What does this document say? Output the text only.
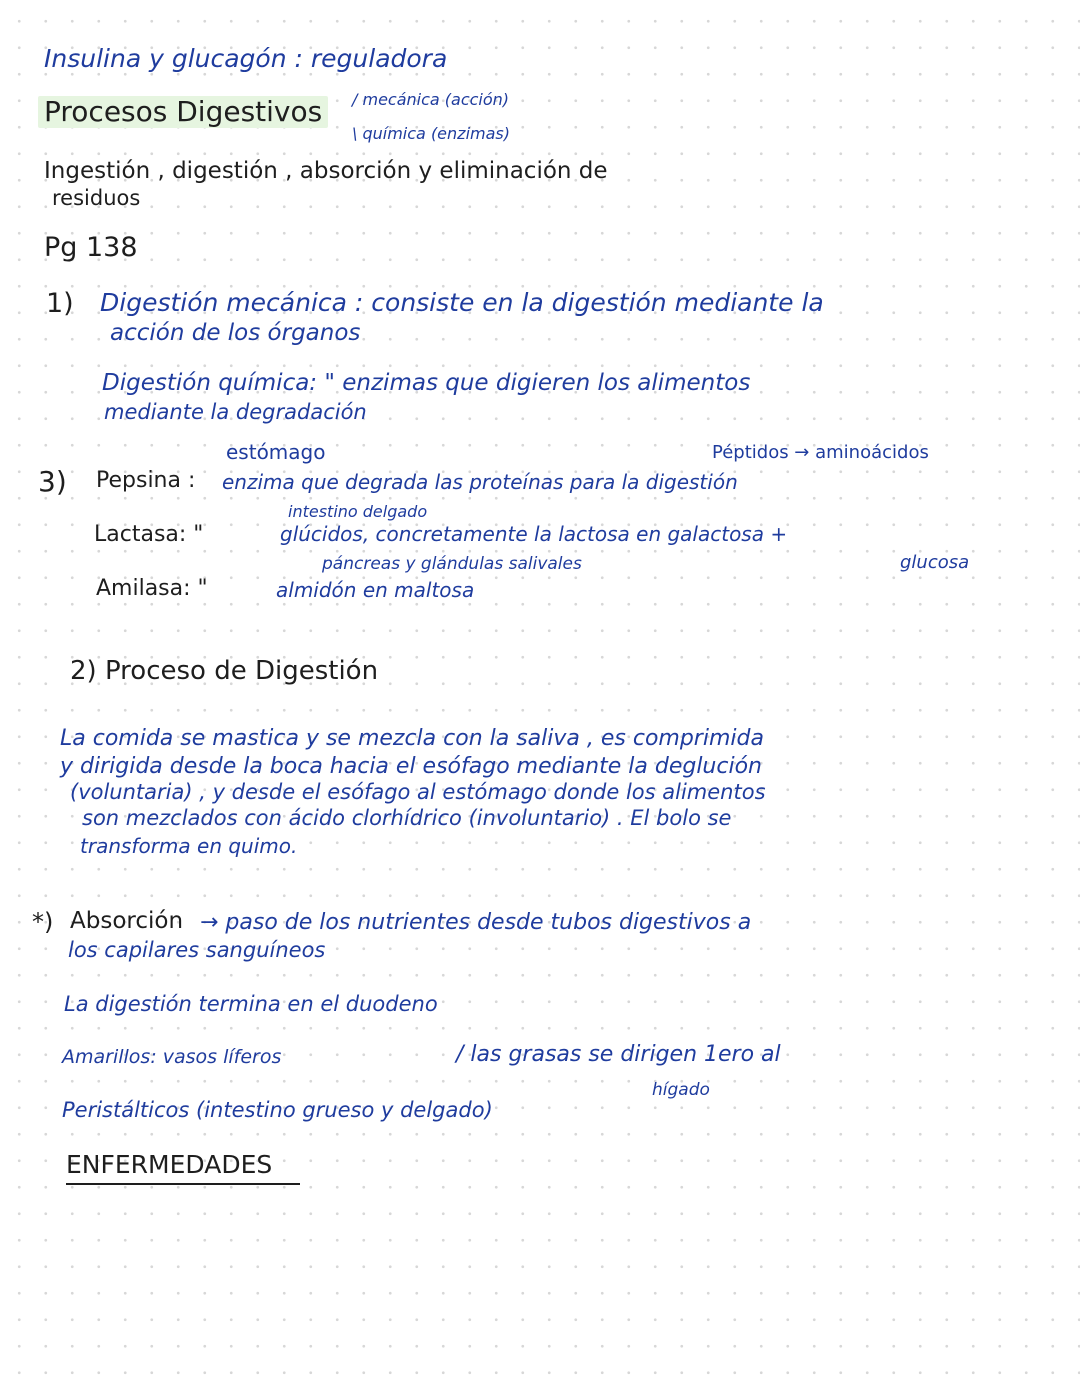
Insulina y glucagón : reguladora
Procesos Digestivos	/ mecánica (acción)
\ química (enzimas)
Ingestión , digestión , absorción y eliminación de
residuos
Pg 138
1) Digestión mecánica : consiste en la digestión mediante la
acción de los órganos
Digestión química: " enzimas que digieren los alimentos
mediante la degradación
estómago	Péptidos → aminoácidos
3) Pepsina : enzima que degrada las proteínas para la digestión
intestino delgado
Lactasa: "	glúcidos, concretamente la lactosa en galactosa +
páncreas y glándulas salivales	glucosa
Amilasa: "	almidón en maltosa
2) Proceso de Digestión
La comida se mastica y se mezcla con la saliva , es comprimida
y dirigida desde la boca hacia el esófago mediante la deglución
(voluntaria) , y desde el esófago al estómago donde los alimentos
son mezclados con ácido clorhídrico (involuntario) . El bolo se
transforma en quimo.
*) Absorción → paso de los nutrientes desde tubos digestivos a
los capilares sanguíneos
La digestión termina en el duodeno
Amarillos: vasos líferos	/ las grasas se dirigen 1ero al
hígado
Peristálticos (intestino grueso y delgado)
ENFERMEDADES
